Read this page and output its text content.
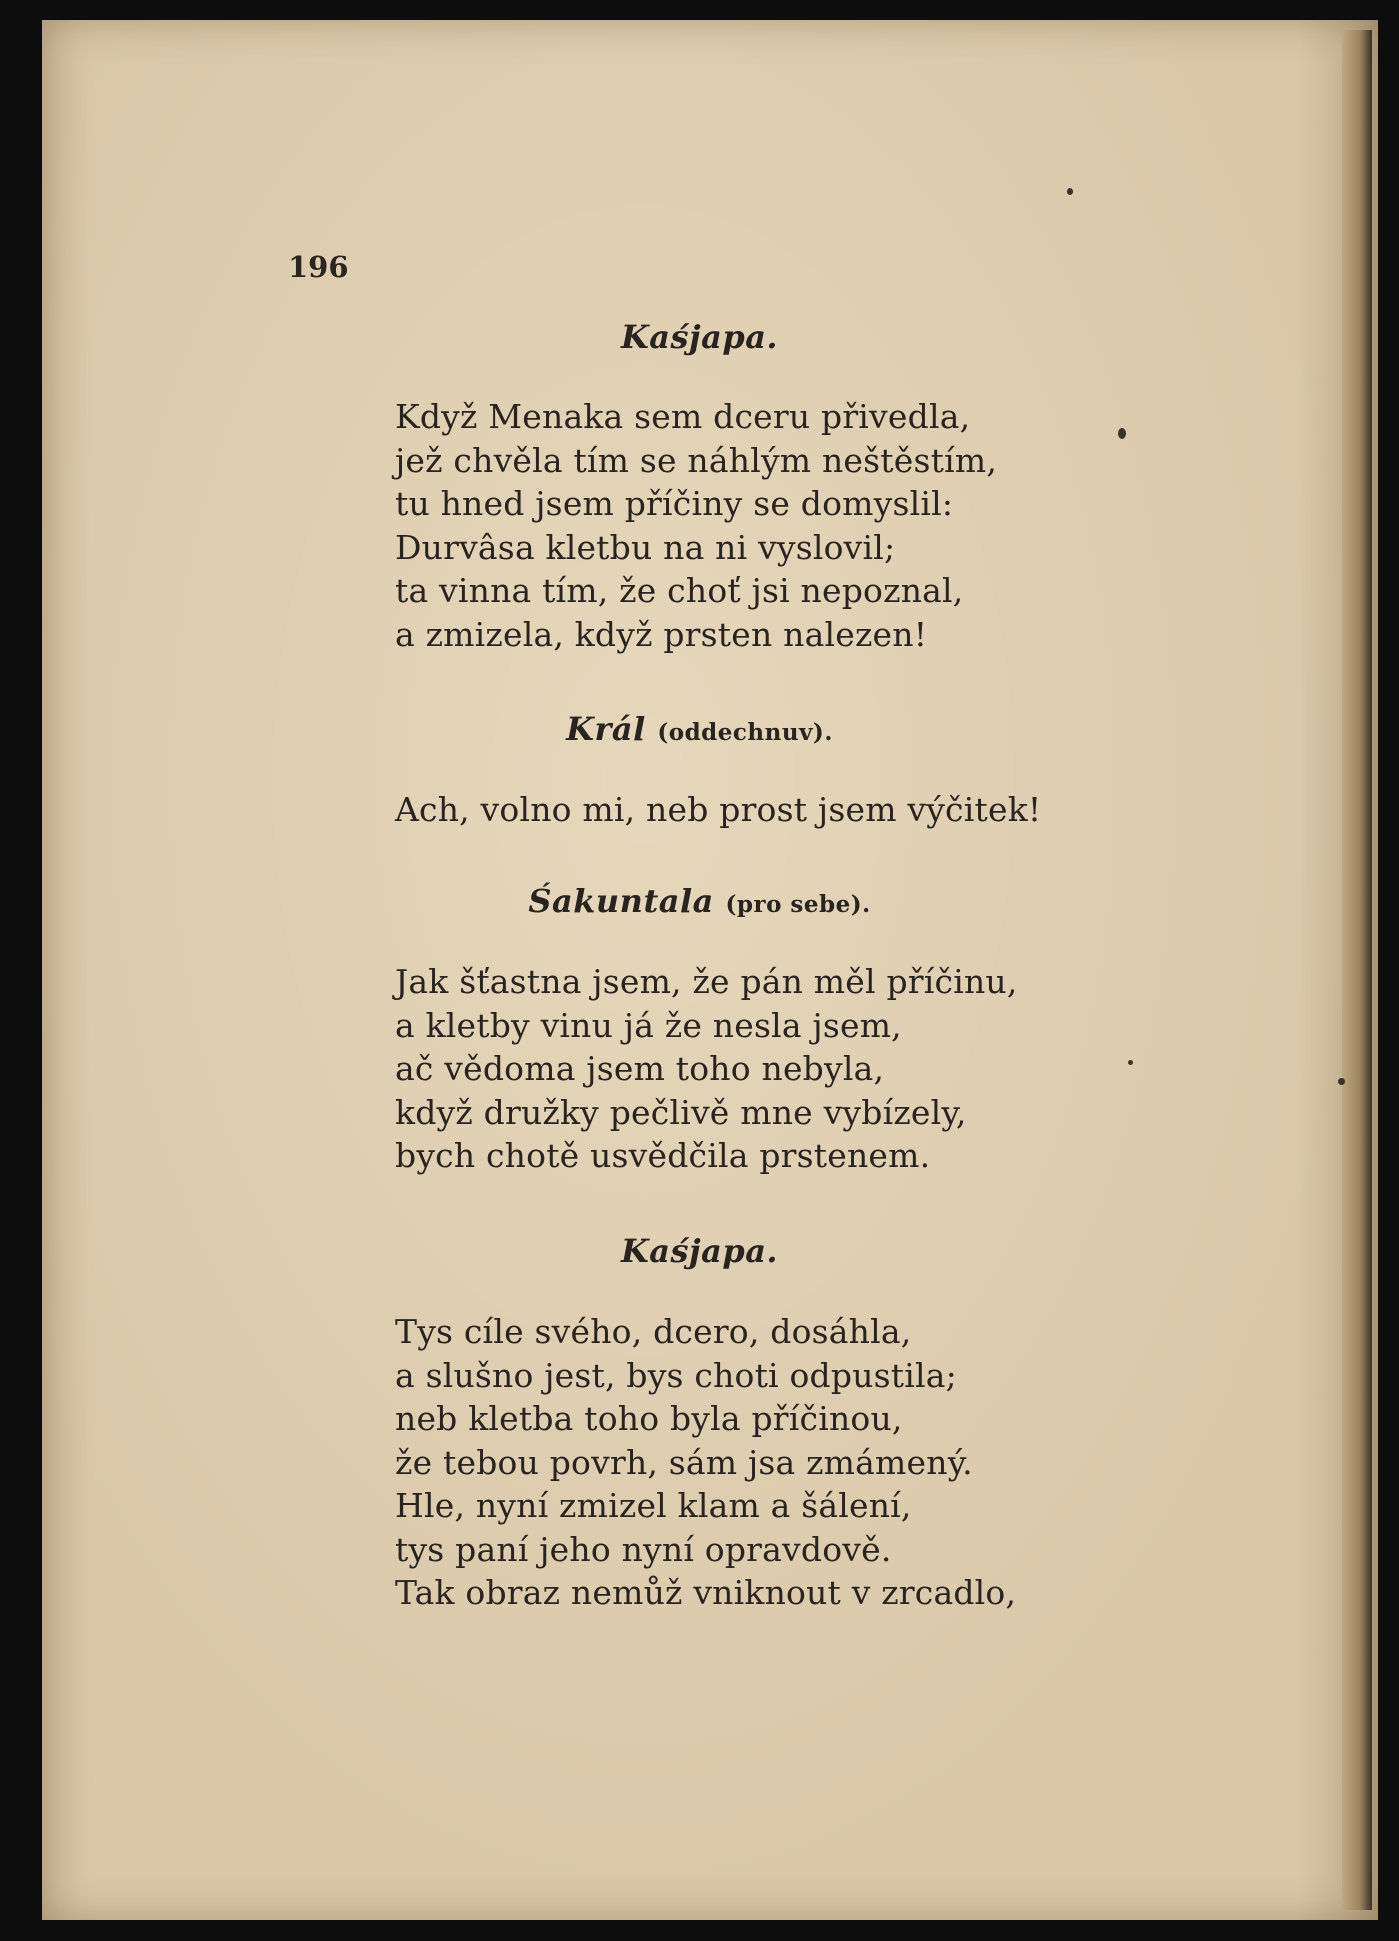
196
Kaśjapa.
Když Menaka sem dceru přivedla,
jež chvěla tím se náhlým neštěstím,
tu hned jsem příčiny se domyslil:
Durvâsa kletbu na ni vyslovil;
ta vinna tím, že choť jsi nepoznal,
a zmizela, když prsten nalezen!
Král (oddechnuv).
Ach, volno mi, neb prost jsem výčitek!
Śakuntala (pro sebe).
Jak šťastna jsem, že pán měl příčinu,
a kletby vinu já že nesla jsem,
ač vědoma jsem toho nebyla,
když družky pečlivě mne vybízely,
bych chotě usvědčila prstenem.
Kaśjapa.
Tys cíle svého, dcero, dosáhla,
a slušno jest, bys choti odpustila;
neb kletba toho byla příčinou,
že tebou povrh, sám jsa zmámený.
Hle, nyní zmizel klam a šálení,
tys paní jeho nyní opravdově.
Tak obraz nemůž vniknout v zrcadlo,
